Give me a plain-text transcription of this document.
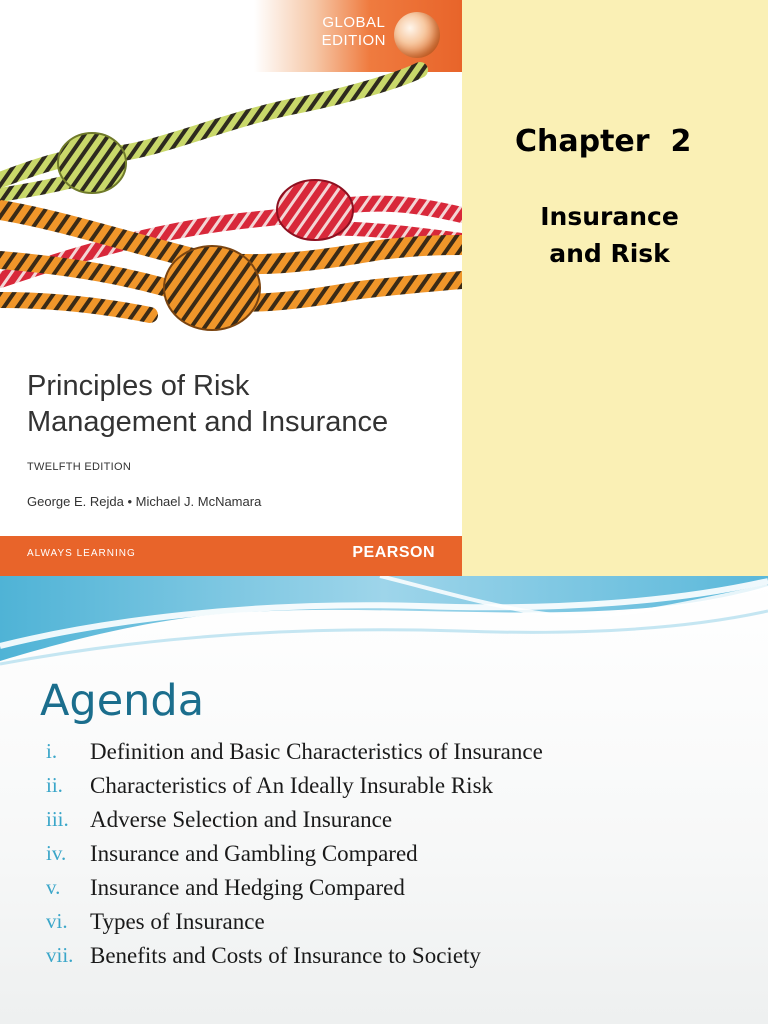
GLOBAL
EDITION
Principles of Risk
Management and Insurance
TWELFTH EDITION
George E. Rejda • Michael J. McNamara
ALWAYS LEARNING	PEARSON
Chapter  2
Insurance
and Risk
Agenda
i. Definition and Basic Characteristics of Insurance
ii. Characteristics of An Ideally Insurable Risk
iii. Adverse Selection and Insurance
iv. Insurance and Gambling Compared
v. Insurance and Hedging Compared
vi. Types of Insurance
vii. Benefits and Costs of Insurance to Society
